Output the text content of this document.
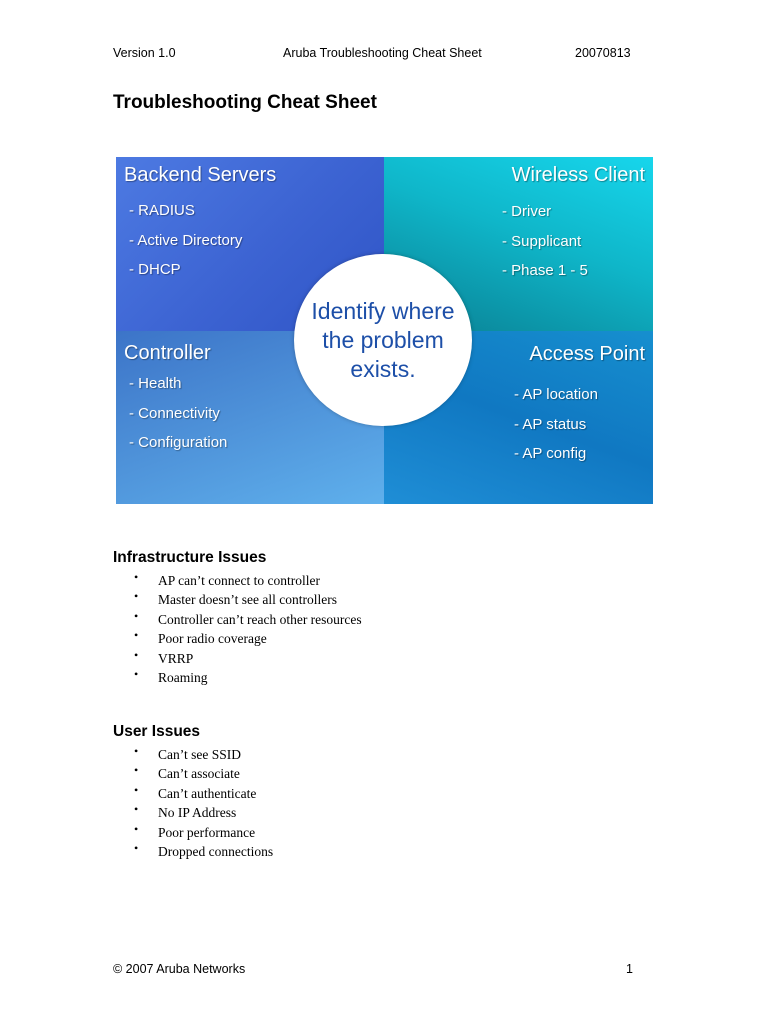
Version 1.0	Aruba Troubleshooting Cheat Sheet	20070813
Troubleshooting Cheat Sheet
Backend Servers
- RADIUS
- Active Directory
- DHCP
Wireless Client
- Driver
- Supplicant
- Phase 1 - 5
Controller
- Health
- Connectivity
- Configuration
Access Point
- AP location
- AP status
- AP config
Identify where the problem exists.
Infrastructure Issues
• AP can’t connect to controller
• Master doesn’t see all controllers
• Controller can’t reach other resources
• Poor radio coverage
• VRRP
• Roaming
User Issues
• Can’t see SSID
• Can’t associate
• Can’t authenticate
• No IP Address
• Poor performance
• Dropped connections
© 2007 Aruba Networks	1
